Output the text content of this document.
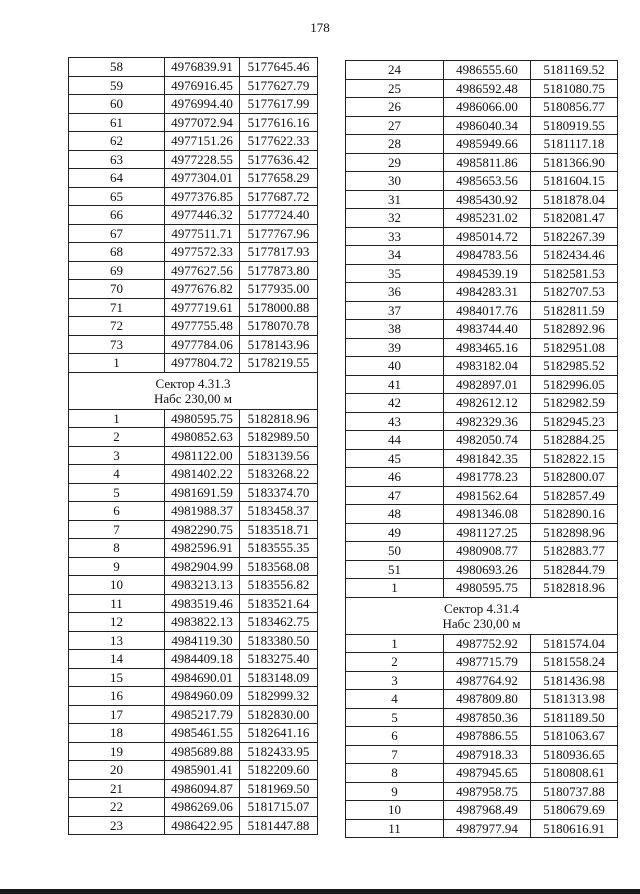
178
58	4976839.91	5177645.46
59	4976916.45	5177627.79
60	4976994.40	5177617.99
61	4977072.94	5177616.16
62	4977151.26	5177622.33
63	4977228.55	5177636.42
64	4977304.01	5177658.29
65	4977376.85	5177687.72
66	4977446.32	5177724.40
67	4977511.71	5177767.96
68	4977572.33	5177817.93
69	4977627.56	5177873.80
70	4977676.82	5177935.00
71	4977719.61	5178000.88
72	4977755.48	5178070.78
73	4977784.06	5178143.96
1	4977804.72	5178219.55

Сектор 4.31.3
Набс 230,00 м		

1	4980595.75	5182818.96
2	4980852.63	5182989.50
3	4981122.00	5183139.56
4	4981402.22	5183268.22
5	4981691.59	5183374.70
6	4981988.37	5183458.37
7	4982290.75	5183518.71
8	4982596.91	5183555.35
9	4982904.99	5183568.08
10	4983213.13	5183556.82
11	4983519.46	5183521.64
12	4983822.13	5183462.75
13	4984119.30	5183380.50
14	4984409.18	5183275.40
15	4984690.01	5183148.09
16	4984960.09	5182999.32
17	4985217.79	5182830.00
18	4985461.55	5182641.16
19	4985689.88	5182433.95
20	4985901.41	5182209.60
21	4986094.87	5181969.50
22	4986269.06	5181715.07
23	4986422.95	5181447.88
24	4986555.60	5181169.52
25	4986592.48	5181080.75
26	4986066.00	5180856.77
27	4986040.34	5180919.55
28	4985949.66	5181117.18
29	4985811.86	5181366.90
30	4985653.56	5181604.15
31	4985430.92	5181878.04
32	4985231.02	5182081.47
33	4985014.72	5182267.39
34	4984783.56	5182434.46
35	4984539.19	5182581.53
36	4984283.31	5182707.53
37	4984017.76	5182811.59
38	4983744.40	5182892.96
39	4983465.16	5182951.08
40	4983182.04	5182985.52
41	4982897.01	5182996.05
42	4982612.12	5182982.59
43	4982329.36	5182945.23
44	4982050.74	5182884.25
45	4981842.35	5182822.15
46	4981778.23	5182800.07
47	4981562.64	5182857.49
48	4981346.08	5182890.16
49	4981127.25	5182898.96
50	4980908.77	5182883.77
51	4980693.26	5182844.79
1	4980595.75	5182818.96

Сектор 4.31.4
Набс 230,00 м		

1	4987752.92	5181574.04
2	4987715.79	5181558.24
3	4987764.92	5181436.98
4	4987809.80	5181313.98
5	4987850.36	5181189.50
6	4987886.55	5181063.67
7	4987918.33	5180936.65
8	4987945.65	5180808.61
9	4987958.75	5180737.88
10	4987968.49	5180679.69
11	4987977.94	5180616.91
